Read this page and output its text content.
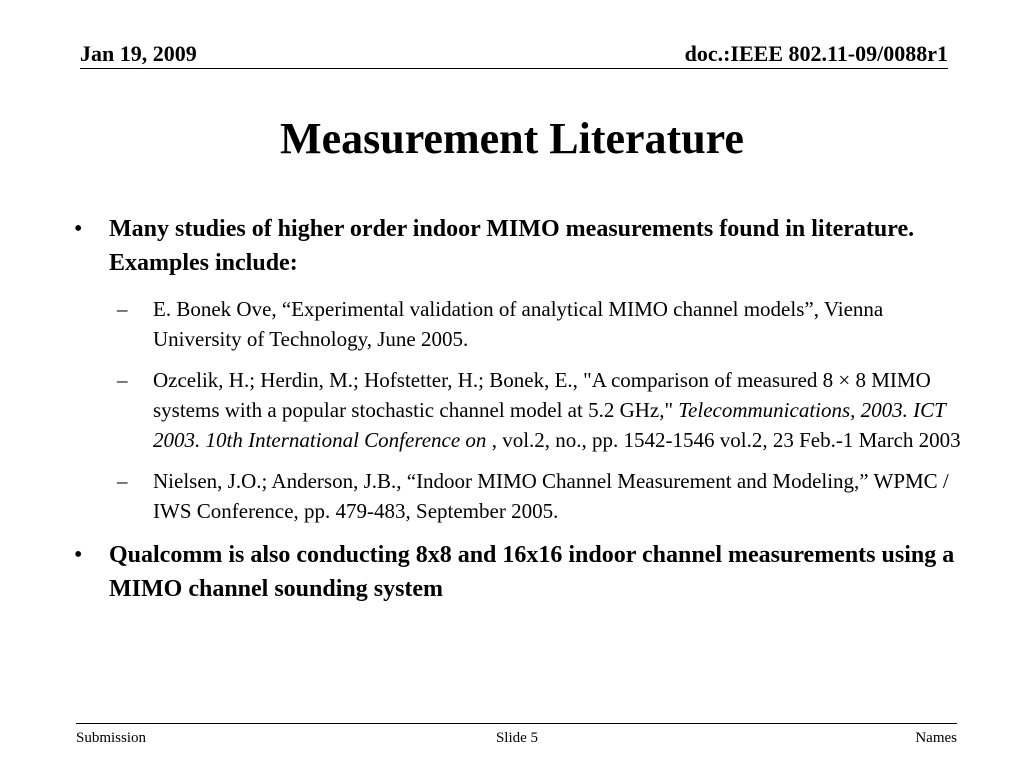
Jan 19, 2009	doc.:IEEE 802.11-09/0088r1
Measurement Literature
• Many studies of higher order indoor MIMO measurements found in literature. Examples include:
– E. Bonek Ove, “Experimental validation of analytical MIMO channel models”, Vienna University of Technology, June 2005.
– Ozcelik, H.; Herdin, M.; Hofstetter, H.; Bonek, E., "A comparison of measured 8 × 8 MIMO systems with a popular stochastic channel model at 5.2 GHz," Telecommunications, 2003. ICT 2003. 10th International Conference on , vol.2, no., pp. 1542-1546 vol.2, 23 Feb.-1 March 2003
– Nielsen, J.O.; Anderson, J.B., “Indoor MIMO Channel Measurement and Modeling,” WPMC / IWS Conference, pp. 479-483, September 2005.
• Qualcomm is also conducting 8x8 and 16x16 indoor channel measurements using a MIMO channel sounding system
Submission	Slide 5	Names
